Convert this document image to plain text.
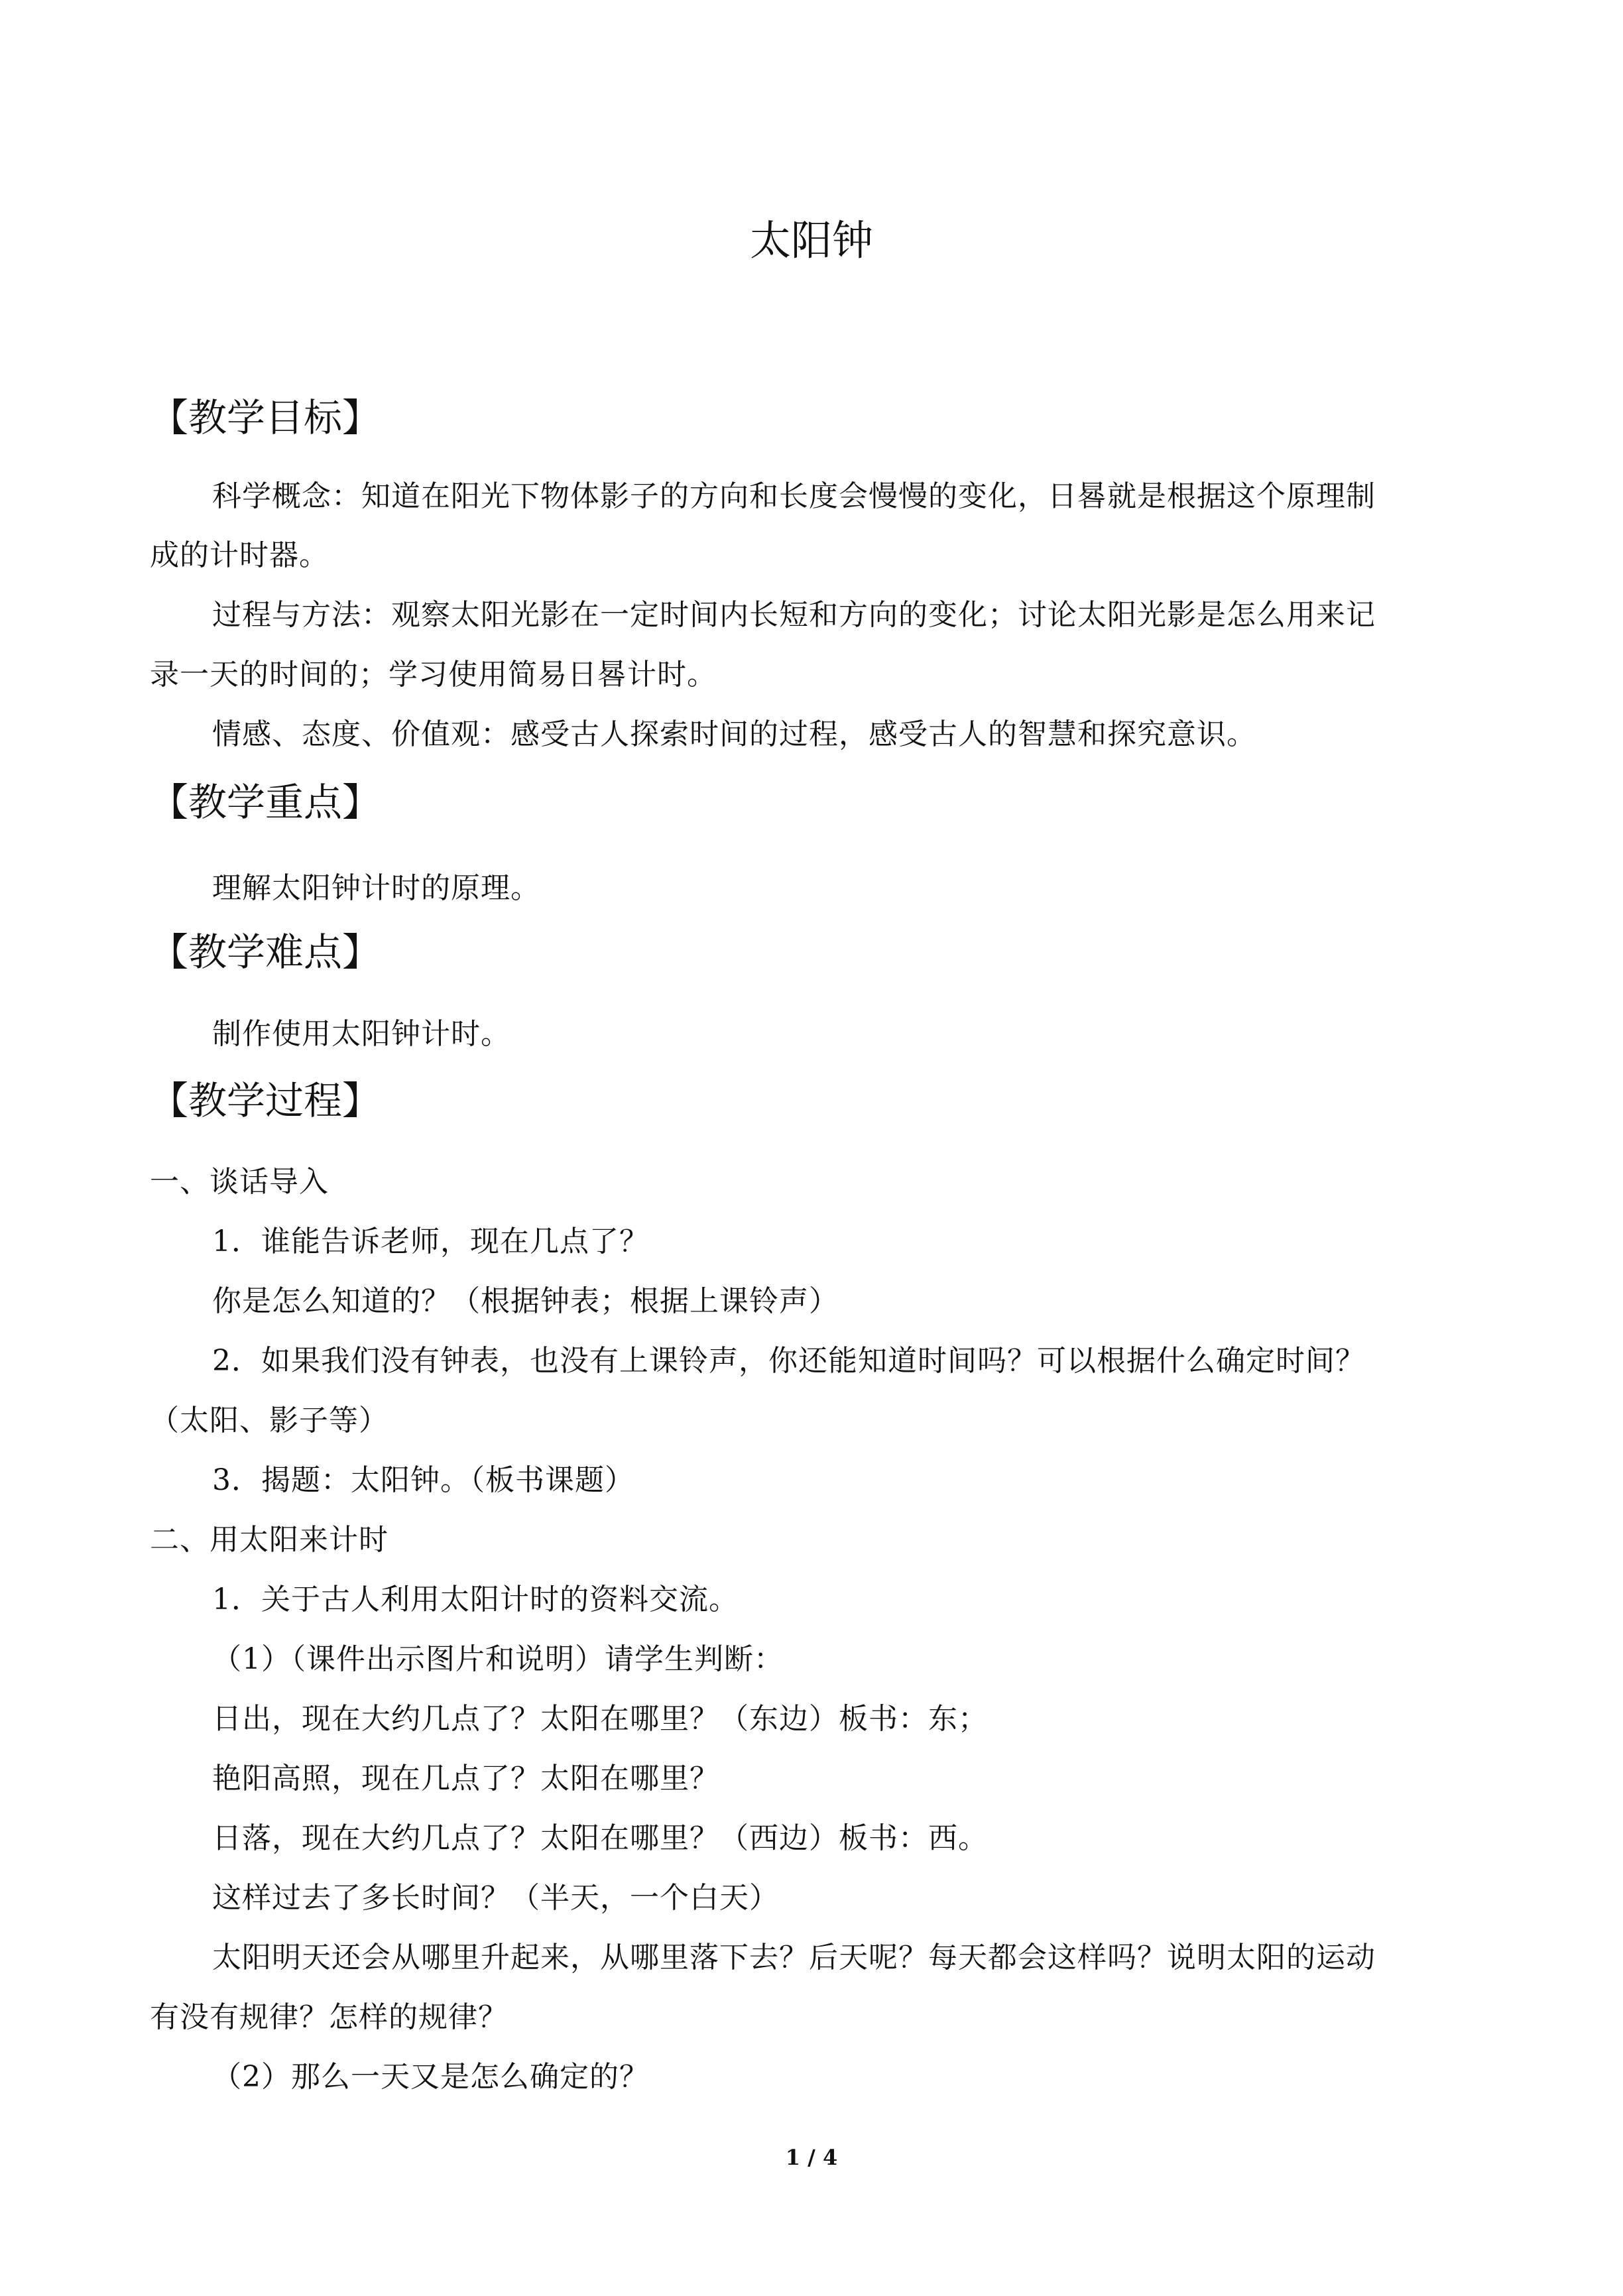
太阳钟
【教学目标】
科学概念：知道在阳光下物体影子的方向和长度会慢慢的变化，日晷就是根据这个原理制
成的计时器。
过程与方法：观察太阳光影在一定时间内长短和方向的变化；讨论太阳光影是怎么用来记
录一天的时间的；学习使用简易日晷计时。
情感、态度、价值观：感受古人探索时间的过程，感受古人的智慧和探究意识。
【教学重点】
理解太阳钟计时的原理。
【教学难点】
制作使用太阳钟计时。
【教学过程】
一、谈话导入
1．谁能告诉老师，现在几点了？
你是怎么知道的？（根据钟表；根据上课铃声）
2．如果我们没有钟表，也没有上课铃声，你还能知道时间吗？可以根据什么确定时间？
（太阳、影子等）
3．揭题：太阳钟。（板书课题）
二、用太阳来计时
1．关于古人利用太阳计时的资料交流。
（1）（课件出示图片和说明）请学生判断：
日出，现在大约几点了？太阳在哪里？（东边）板书：东；
艳阳高照，现在几点了？太阳在哪里？
日落，现在大约几点了？太阳在哪里？（西边）板书：西。
这样过去了多长时间？（半天，一个白天）
太阳明天还会从哪里升起来，从哪里落下去？后天呢？每天都会这样吗？说明太阳的运动
有没有规律？怎样的规律？
（2）那么一天又是怎么确定的？
1 / 4
